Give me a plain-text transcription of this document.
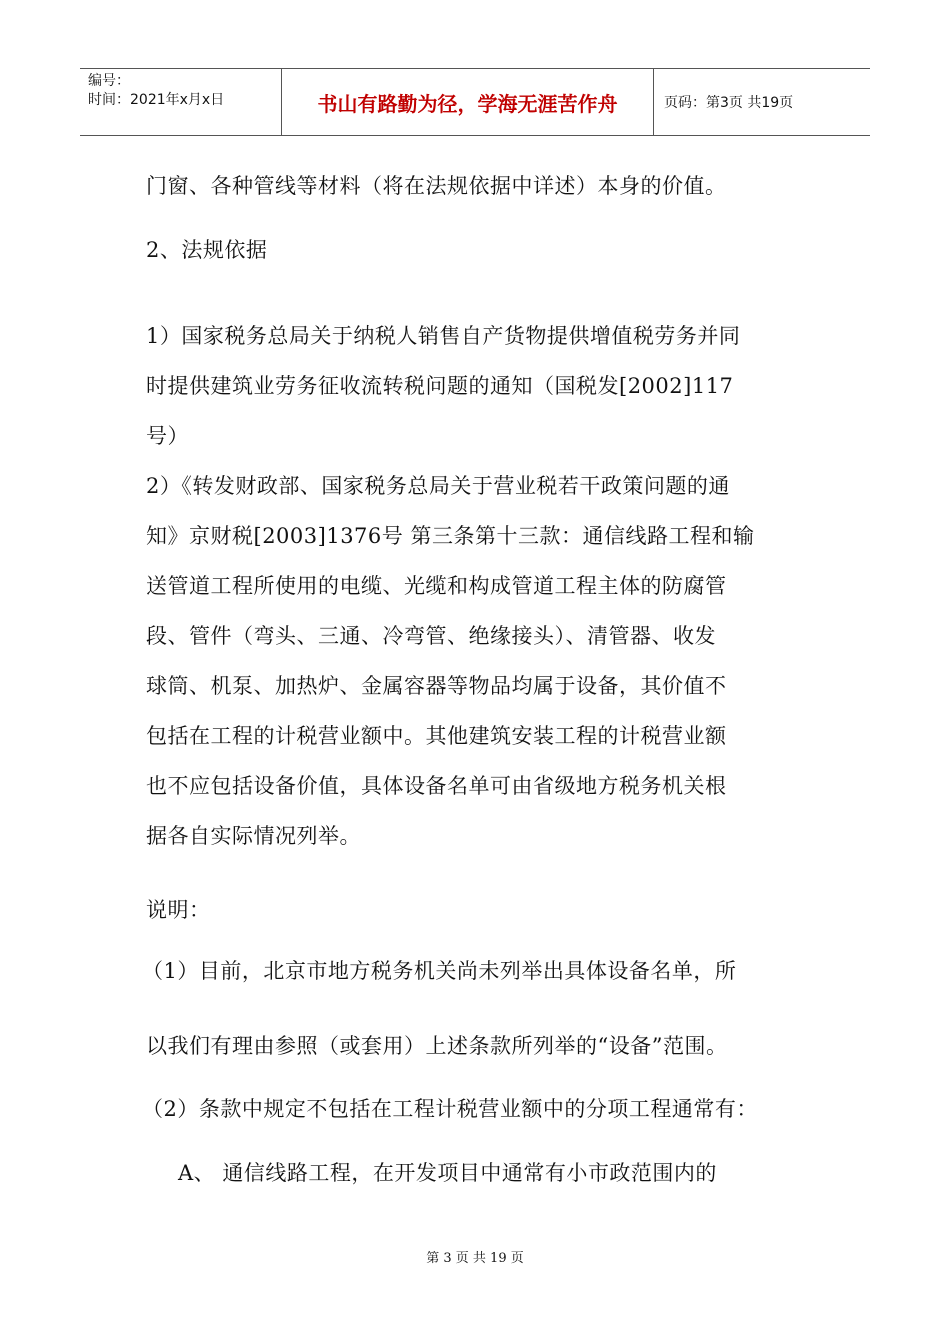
编号：
时间：2021年x月x日	书山有路勤为径，学海无涯苦作舟	页码：第3页 共19页
门窗、各种管线等材料（将在法规依据中详述）本身的价值。
2、法规依据
1）国家税务总局关于纳税人销售自产货物提供增值税劳务并同
时提供建筑业劳务征收流转税问题的通知（国税发[2002]117
号）
2）《转发财政部、国家税务总局关于营业税若干政策问题的通
知》京财税[2003]1376号 第三条第十三款：通信线路工程和输
送管道工程所使用的电缆、光缆和构成管道工程主体的防腐管
段、管件（弯头、三通、冷弯管、绝缘接头）、清管器、收发
球筒、机泵、加热炉、金属容器等物品均属于设备，其价值不
包括在工程的计税营业额中。其他建筑安装工程的计税营业额
也不应包括设备价值，具体设备名单可由省级地方税务机关根
据各自实际情况列举。
说明：
（1）目前，北京市地方税务机关尚未列举出具体设备名单，所
以我们有理由参照（或套用）上述条款所列举的“设备”范围。
（2）条款中规定不包括在工程计税营业额中的分项工程通常有：
A、 通信线路工程，在开发项目中通常有小市政范围内的
第 3 页 共 19 页
